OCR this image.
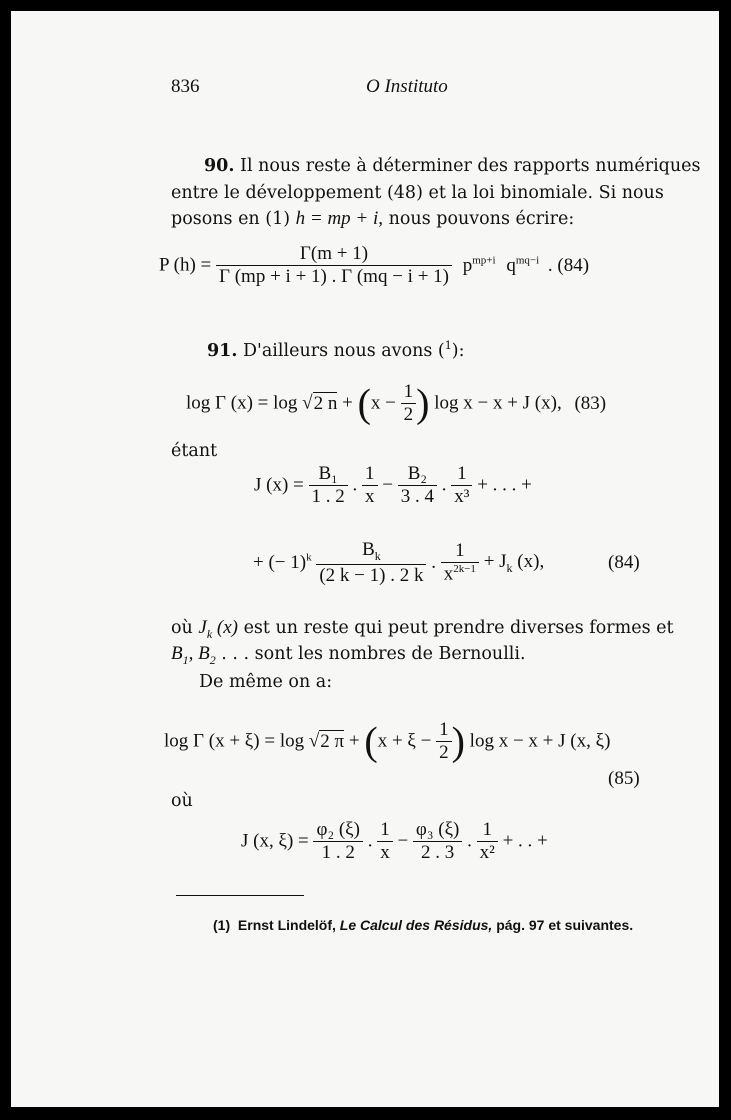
836	O Instituto
90. Il nous reste à déterminer des rapports numériques
entre le développement (48) et la loi binomiale. Si nous
posons en (1) h = mp + i, nous pouvons écrire:
P $(h) = \frac{\Gamma(m + 1)}{\Gamma (mp + i + 1) . \Gamma (mq - i + 1)} p^{mp+i}$ $q^{mq-i}$ . (84)
91. D'ailleurs nous avons ($^1$):
log Γ (x) = log √2 $n + (x - \frac{1}{2}$ ) log x − x + J (x), (83)
étant
J $(x) = \frac{\text{B₁}}{1 . 2}$ . $\frac{1}{x} - \frac{\text{B₂}}{3 . 4}$ . $\frac{1}{\text{x³}}$ + . . . +
+ (− $1)^k \frac{B_k}{(2 k - 1) . 2 k}$ . $\frac{1}{x^{2k-1}} + J_k$ (x),	(84)
où $J_k$ (x) est un reste qui peut prendre diverses formes et
$B_1$, $B_2$ . . . sont les nombres de Bernoulli.
De même on a:
log Γ (x + ξ) = log √2 $\pi + (x + \xi - \frac{1}{2}$ ) log x − x + J (x, ξ)
(85)
où
J (x, $\xi) = \frac{\text{φ₂ (ξ)}}{1 . 2}$ . $\frac{1}{x} - \frac{\text{φ₃ (ξ)}}{2 . 3}$ . $\frac{1}{\text{x²}}$ + . . +
(1) Ernst Lindelöf, Le Calcul des Résidus, pág. 97 et suivantes.
